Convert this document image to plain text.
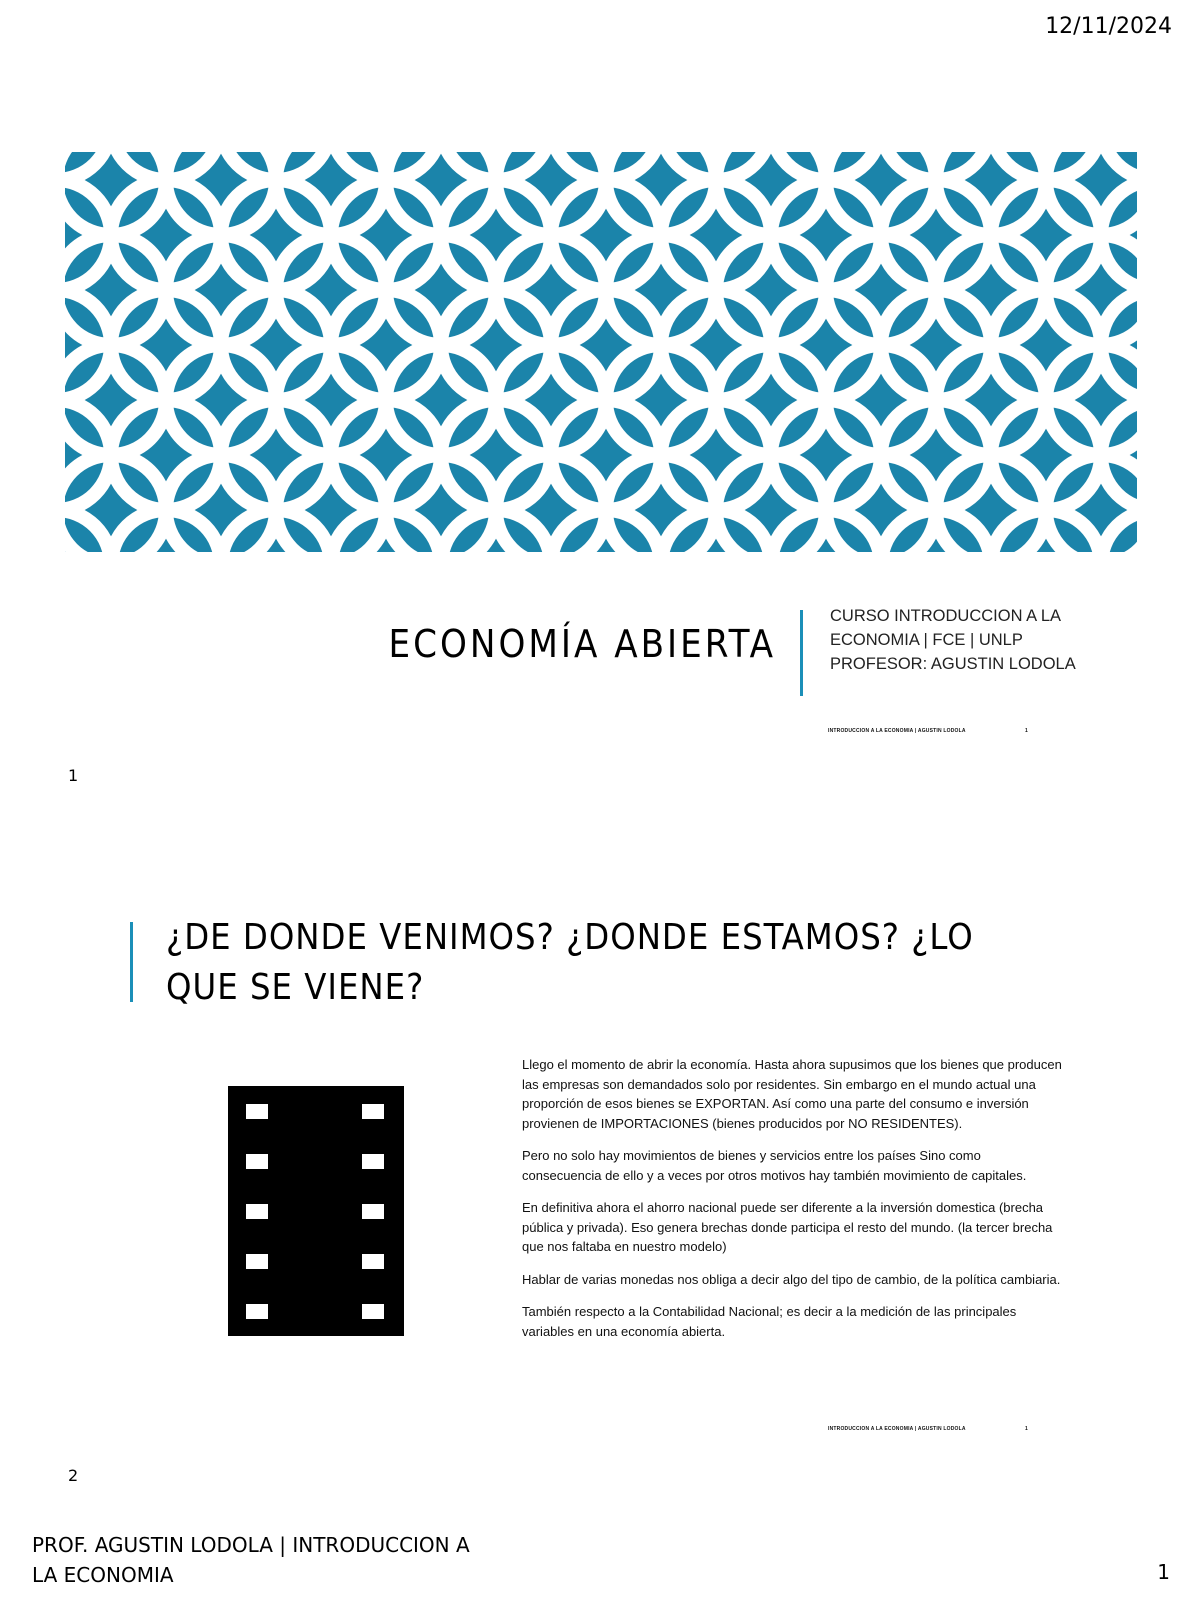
12/11/2024
ECONOMÍA ABIERTA
CURSO INTRODUCCION A LA
ECONOMIA | FCE | UNLP
PROFESOR: AGUSTIN LODOLA
INTRODUCCION A LA ECONOMIA | AGUSTIN LODOLA	1
1
¿DE DONDE VENIMOS? ¿DONDE ESTAMOS? ¿LO
QUE SE VIENE?

Llego el momento de abrir la economía. Hasta ahora supusimos que los bienes que producen las empresas son demandados solo por residentes. Sin embargo en el mundo actual una proporción de esos bienes se EXPORTAN. Así como una parte del consumo e inversión provienen de IMPORTACIONES (bienes producidos por NO RESIDENTES).

Pero no solo hay movimientos de bienes y servicios entre los países Sino como consecuencia de ello y a veces por otros motivos hay también movimiento de capitales.

En definitiva ahora el ahorro nacional puede ser diferente a la inversión domestica (brecha pública y privada). Eso genera brechas donde participa el resto del mundo. (la tercer brecha que nos faltaba en nuestro modelo)

Hablar de varias monedas nos obliga a decir algo del tipo de cambio, de la política cambiaria.

También respecto a la Contabilidad Nacional; es decir a la medición de las principales variables en una economía abierta.

INTRODUCCION A LA ECONOMIA | AGUSTIN LODOLA	1
2
PROF. AGUSTIN LODOLA | INTRODUCCION A
LA ECONOMIA	1
